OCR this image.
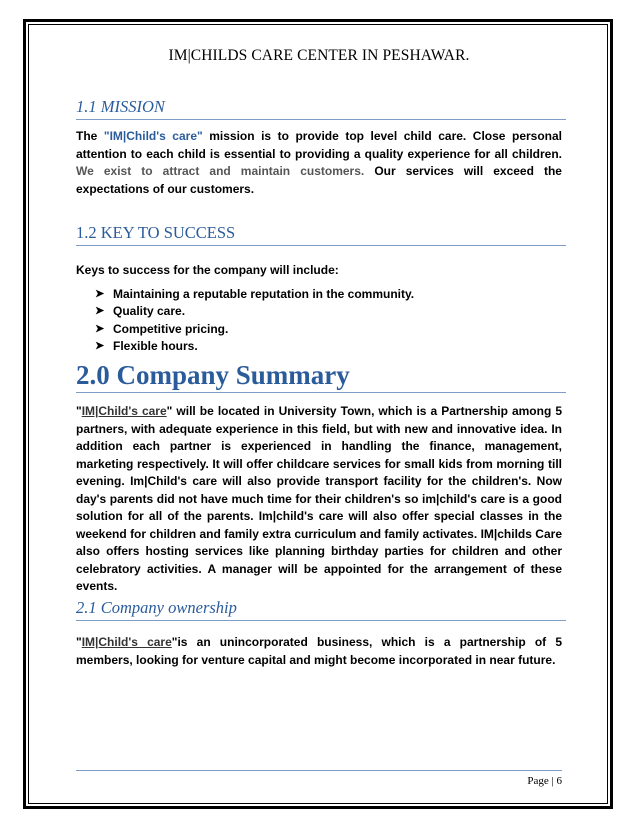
IM|CHILDS CARE CENTER IN PESHAWAR.
1.1 MISSION
The "IM|Child's care" mission is to provide top level child care. Close personal attention to each child is essential to providing a quality experience for all children. We exist to attract and maintain customers. Our services will exceed the expectations of our customers.
1.2 KEY TO SUCCESS
Keys to success for the company will include:
➤ Maintaining a reputable reputation in the community.
➤ Quality care.
➤ Competitive pricing.
➤ Flexible hours.
2.0 Company Summary
"IM|Child's care" will be located in University Town, which is a Partnership among 5 partners, with adequate experience in this field, but with new and innovative idea. In addition each partner is experienced in handling the finance, management, marketing respectively. It will offer childcare services for small kids from morning till evening. Im|Child's care will also provide transport facility for the children's. Now day's parents did not have much time for their children's so im|child's care is a good solution for all of the parents. Im|child's care will also offer special classes in the weekend for children and family extra curriculum and family activates. IM|childs Care also offers hosting services like planning birthday parties for children and other celebratory activities. A manager will be appointed for the arrangement of these events.
2.1 Company ownership
"IM|Child's care"is an unincorporated business, which is a partnership of 5 members, looking for venture capital and might become incorporated in near future.
Page | 6
